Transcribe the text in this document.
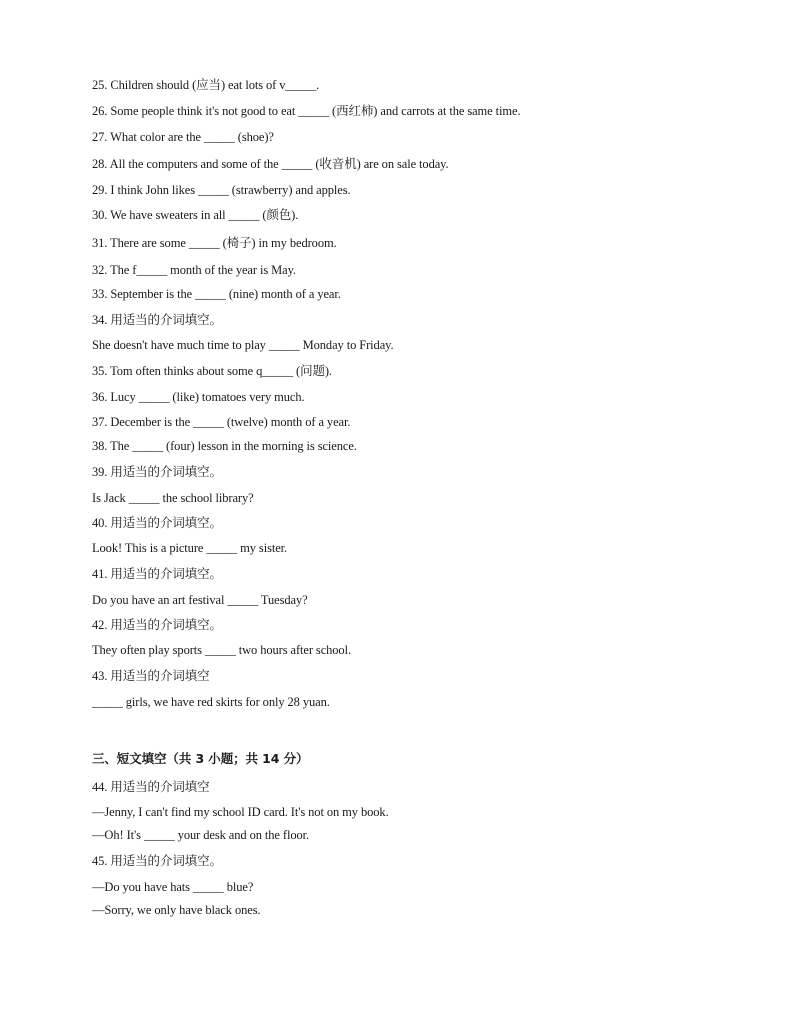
25. Children should (应当) eat lots of v_____.
26. Some people think it's not good to eat _____ (西红柿) and carrots at the same time.
27. What color are the _____ (shoe)?
28. All the computers and some of the _____ (收音机) are on sale today.
29. I think John likes _____ (strawberry) and apples.
30. We have sweaters in all _____ (颜色).
31. There are some _____ (椅子) in my bedroom.
32. The f_____ month of the year is May.
33. September is the _____ (nine) month of a year.
34. 用适当的介词填空。
She doesn't have much time to play _____ Monday to Friday.
35. Tom often thinks about some q_____ (问题).
36. Lucy _____ (like) tomatoes very much.
37. December is the _____ (twelve) month of a year.
38. The _____ (four) lesson in the morning is science.
39. 用适当的介词填空。
Is Jack _____ the school library?
40. 用适当的介词填空。
Look! This is a picture _____ my sister.
41. 用适当的介词填空。
Do you have an art festival _____ Tuesday?
42. 用适当的介词填空。
They often play sports _____ two hours after school.
43. 用适当的介词填空
_____ girls, we have red skirts for only 28 yuan.
三、短文填空（共 3 小题；共 14 分）
44. 用适当的介词填空
—Jenny, I can't find my school ID card. It's not on my book.
—Oh! It's _____ your desk and on the floor.
45. 用适当的介词填空。
—Do you have hats _____ blue?
—Sorry, we only have black ones.
